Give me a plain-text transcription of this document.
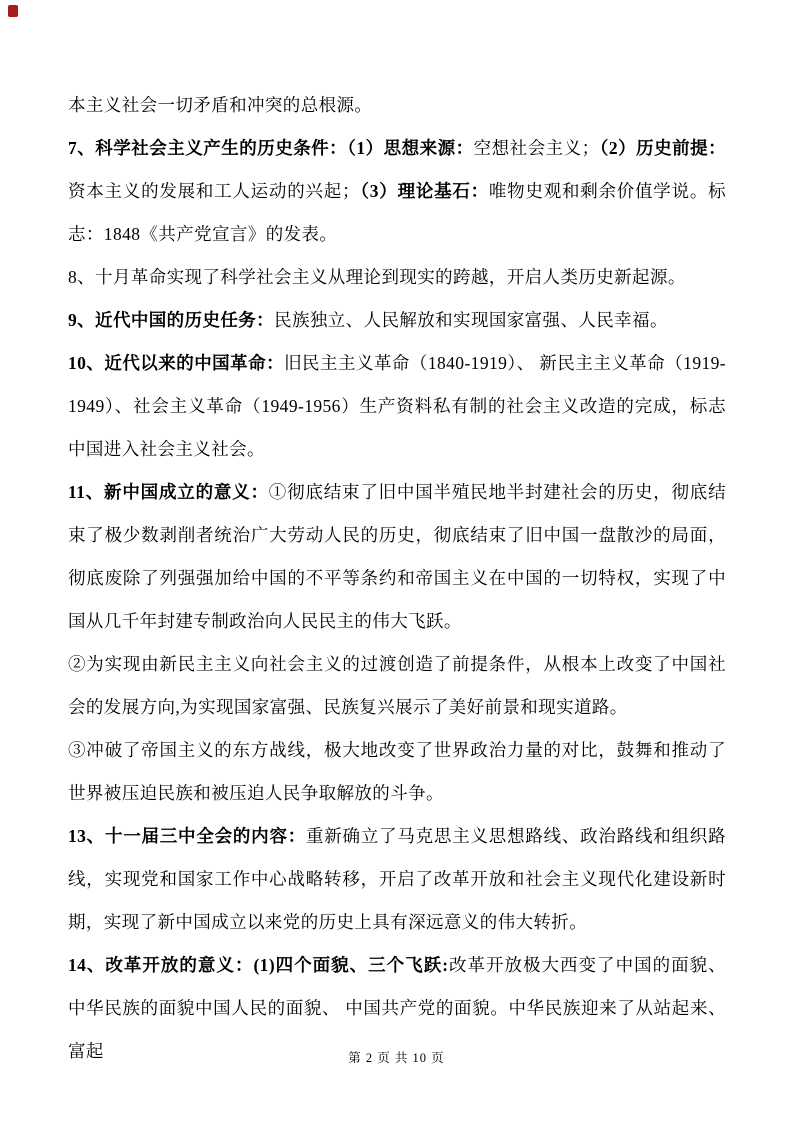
本主义社会一切矛盾和冲突的总根源。

7、科学社会主义产生的历史条件：（1）思想来源：空想社会主义；（2）历史前提：资本主义的发展和工人运动的兴起；（3）理论基石：唯物史观和剩余价值学说。标志：1848《共产党宣言》的发表。

8、十月革命实现了科学社会主义从理论到现实的跨越，开启人类历史新起源。

9、近代中国的历史任务：民族独立、人民解放和实现国家富强、人民幸福。

10、近代以来的中国革命：旧民主主义革命（1840-1919）、 新民主主义革命（1919-1949）、社会主义革命（1949-1956）生产资料私有制的社会主义改造的完成，标志中国进入社会主义社会。

11、新中国成立的意义：①彻底结束了旧中国半殖民地半封建社会的历史，彻底结束了极少数剥削者统治广大劳动人民的历史，彻底结束了旧中国一盘散沙的局面，彻底废除了列强强加给中国的不平等条约和帝国主义在中国的一切特权，实现了中国从几千年封建专制政治向人民民主的伟大飞跃。

②为实现由新民主主义向社会主义的过渡创造了前提条件，从根本上改变了中国社会的发展方向,为实现国家富强、民族复兴展示了美好前景和现实道路。

③冲破了帝国主义的东方战线，极大地改变了世界政治力量的对比，鼓舞和推动了世界被压迫民族和被压迫人民争取解放的斗争。

13、十一届三中全会的内容：重新确立了马克思主义思想路线、政治路线和组织路线，实现党和国家工作中心战略转移，开启了改革开放和社会主义现代化建设新时期，实现了新中国成立以来党的历史上具有深远意义的伟大转折。

14、改革开放的意义：(1)四个面貌、三个飞跃:改革开放极大西变了中国的面貌、 中华民族的面貌中国人民的面貌、 中国共产党的面貌。中华民族迎来了从站起来、富起	第 2 页 共 10 页
